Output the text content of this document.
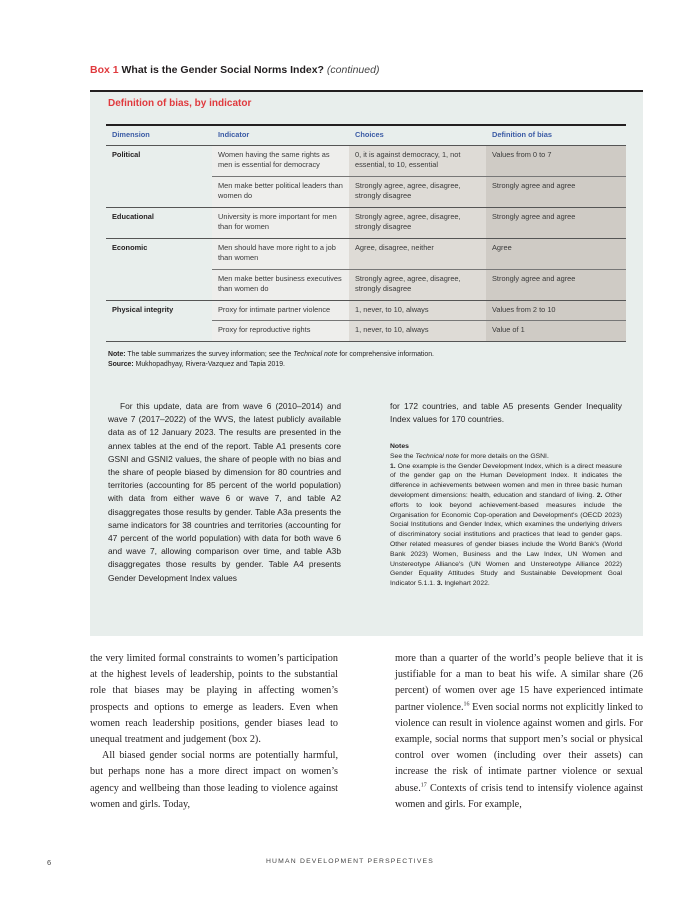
Box 1 What is the Gender Social Norms Index? (continued)
Definition of bias, by indicator
Dimension	Indicator	Choices	Definition of bias
Political	Women having the same rights as men is essential for democracy	0, it is against democracy, 1, not essential, to 10, essential	Values from 0 to 7
	Men make better political leaders than women do	Strongly agree, agree, disagree, strongly disagree	Strongly agree and agree
Educational	University is more important for men than for women	Strongly agree, agree, disagree, strongly disagree	Strongly agree and agree
Economic	Men should have more right to a job than women	Agree, disagree, neither	Agree
	Men make better business executives than women do	Strongly agree, agree, disagree, strongly disagree	Strongly agree and agree
Physical integrity	Proxy for intimate partner violence	1, never, to 10, always	Values from 2 to 10
	Proxy for reproductive rights	1, never, to 10, always	Value of 1
Note: The table summarizes the survey information; see the Technical note for comprehensive information.
Source: Mukhopadhyay, Rivera-Vazquez and Tapia 2019.
For this update, data are from wave 6 (2010–2014) and wave 7 (2017–2022) of the WVS, the latest publicly available data as of 12 January 2023. The results are presented in the annex tables at the end of the report. Table A1 presents core GSNI and GSNI2 values, the share of people with no bias and the share of people biased by dimension for 80 countries and territories (accounting for 85 percent of the world population) with data from either wave 6 or wave 7, and table A2 disaggregates those results by gender. Table A3a presents the same indicators for 38 countries and territories (accounting for 47 percent of the world population) with data for both wave 6 and wave 7, allowing comparison over time, and table A3b disaggregates those results by gender. Table A4 presents Gender Development Index values
for 172 countries, and table A5 presents Gender Inequality Index values for 170 countries.
Notes
See the Technical note for more details on the GSNI.
1. One example is the Gender Development Index, which is a direct measure of the gender gap on the Human Development Index. It indicates the difference in achievements between women and men in three basic human development dimensions: health, education and standard of living. 2. Other efforts to look beyond achievement-based measures include the Organisation for Economic Cop-operation and Development's (OECD 2023) Social Institutions and Gender Index, which examines the underlying drivers of discriminatory social institutions and practices that lead to gender gaps. Other related measures of gender biases include the World Bank's (World Bank 2023) Women, Business and the Law Index, UN Women and Unstereotype Alliance's (UN Women and Unstereotype Alliance 2022) Gender Equality Attitudes Study and Sustainable Development Goal Indicator 5.1.1. 3. Inglehart 2022.

the very limited formal constraints to women’s participation at the highest levels of leadership, points to the substantial role that biases may be playing in affecting women’s prospects and options to emerge as leaders. Even when women reach leadership positions, gender biases lead to unequal treatment and judgement (box 2).

All biased gender social norms are potentially harmful, but perhaps none has a more direct impact on women’s agency and wellbeing than those leading to violence against women and girls. Today,

more than a quarter of the world’s people believe that it is justifiable for a man to beat his wife. A similar share (26 percent) of women over age 15 have experienced intimate partner violence.$^{16}$ Even social norms not explicitly linked to violence can result in violence against women and girls. For example, social norms that support men’s social or physical control over women (including over their assets) can increase the risk of intimate partner violence or sexual abuse.$^{17}$ Contexts of crisis tend to intensify violence against women and girls. For example,

6	HUMAN DEVELOPMENT PERSPECTIVES
